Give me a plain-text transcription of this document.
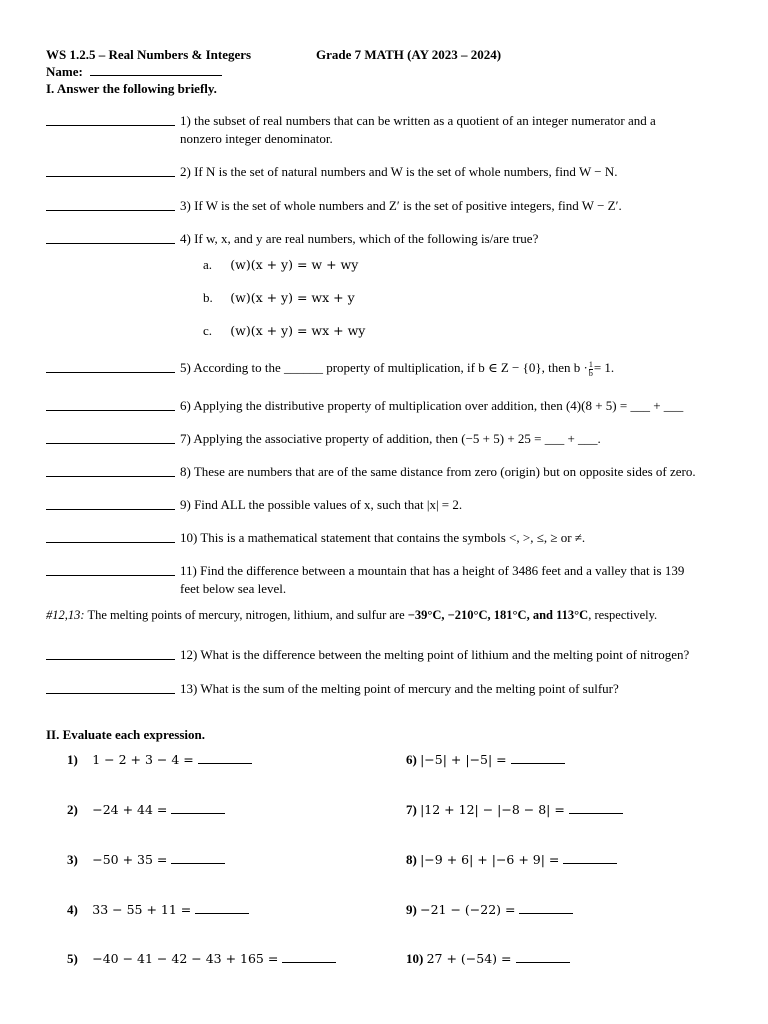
WS 1.2.5 – Real Numbers & Integers	Grade 7 MATH (AY 2023 – 2024)
Name:
I. Answer the following briefly.
1) the subset of real numbers that can be written as a quotient of an integer numerator and a
nonzero integer denominator.
2) If N is the set of natural numbers and W is the set of whole numbers, find W − N.
3) If W is the set of whole numbers and Z′ is the set of positive integers, find W − Z′.
4) If w, x, and y are real numbers, which of the following is/are true?
a. (w)(x + y) = w + wy
b. (w)(x + y) = wx + y
c. (w)(x + y) = wx + wy
5) According to the ______ property of multiplication, if b ∈ Z − {0}, then $b \cdot \frac{1}{b} = 1$.
6) Applying the distributive property of multiplication over addition, then (4)(8 + 5) = ___ + ___
7) Applying the associative property of addition, then (−5 + 5) + 25 = ___ + ___.
8) These are numbers that are of the same distance from zero (origin) but on opposite sides of zero.
9) Find ALL the possible values of x, such that |x| = 2.
10) This is a mathematical statement that contains the symbols <, >, ≤, ≥ or ≠.
11) Find the difference between a mountain that has a height of 3486 feet and a valley that is 139
feet below sea level.
#12,13: The melting points of mercury, nitrogen, lithium, and sulfur are −39°C, −210°C, 181°C, and 113°C, respectively.
12) What is the difference between the melting point of lithium and the melting point of nitrogen?
13) What is the sum of the melting point of mercury and the melting point of sulfur?
II. Evaluate each expression.
1) 1 − 2 + 3 − 4 =
2) −24 + 44 =
3) −50 + 35 =
4) 33 − 55 + 11 =
5) −40 − 41 − 42 − 43 + 165 =
6) |−5| + |−5| =
7) |12 + 12| − |−8 − 8| =
8) |−9 + 6| + |−6 + 9| =
9) −21 − (−22) =
10) 27 + (−54) =
